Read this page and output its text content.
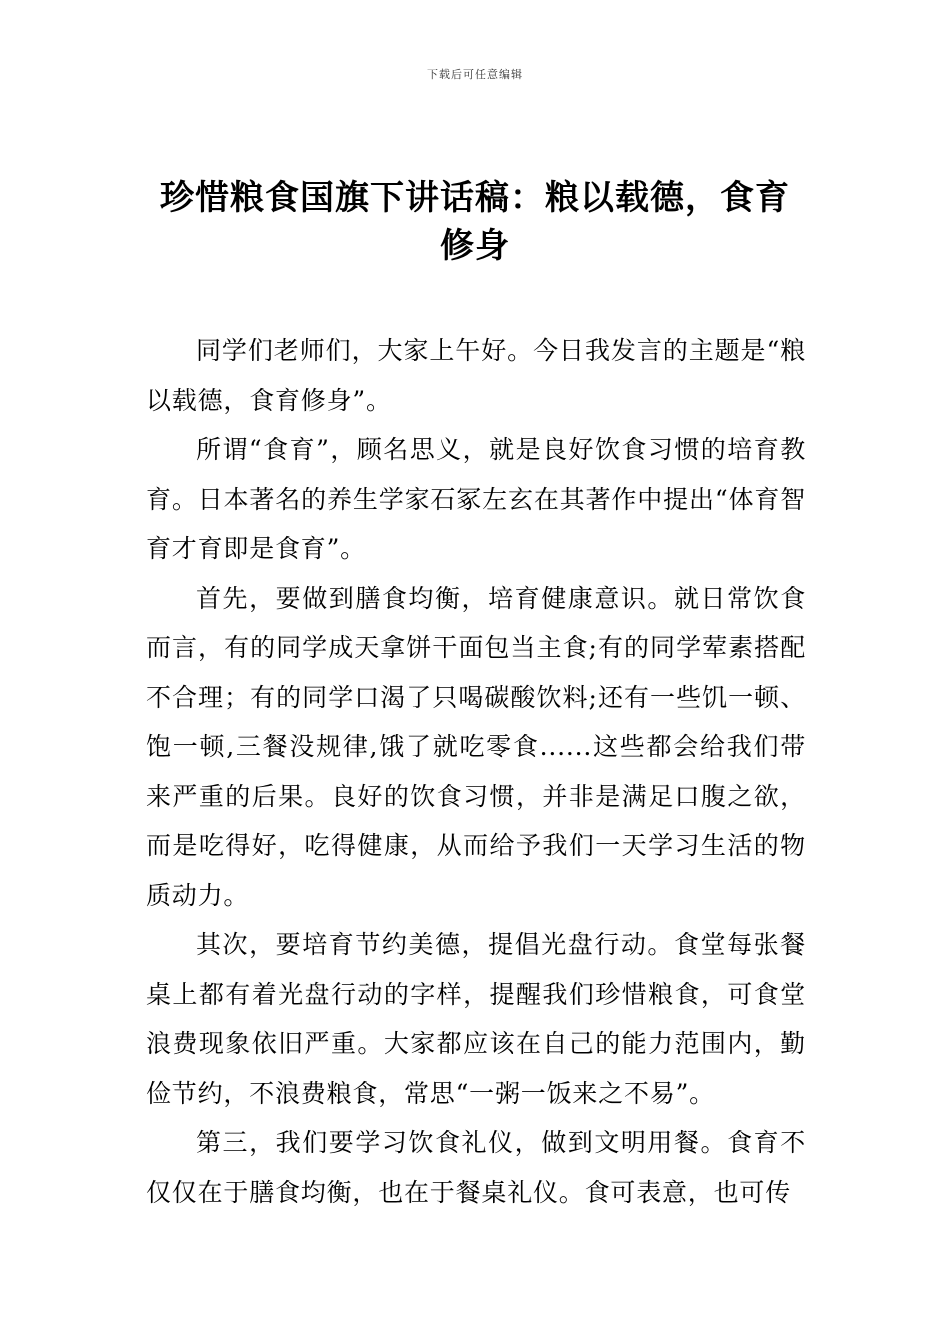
下载后可任意编辑
珍惜粮食国旗下讲话稿：粮以载德，食育修身

同学们老师们，大家上午好。今日我发言的主题是“粮以载德，食育修身”。

所谓“食育”，顾名思义，就是良好饮食习惯的培育教育。日本著名的养生学家石冢左玄在其著作中提出“体育智育才育即是食育”。

首先，要做到膳食均衡，培育健康意识。就日常饮食而言，有的同学成天拿饼干面包当主食;有的同学荤素搭配不合理；有的同学口渴了只喝碳酸饮料;还有一些饥一顿、饱一顿,三餐没规律,饿了就吃零食......这些都会给我们带来严重的后果。良好的饮食习惯，并非是满足口腹之欲，而是吃得好，吃得健康，从而给予我们一天学习生活的物质动力。

其次，要培育节约美德，提倡光盘行动。食堂每张餐桌上都有着光盘行动的字样，提醒我们珍惜粮食，可食堂浪费现象依旧严重。大家都应该在自己的能力范围内，勤俭节约，不浪费粮食，常思“一粥一饭来之不易”。

第三，我们要学习饮食礼仪，做到文明用餐。食育不仅仅在于膳食均衡，也在于餐桌礼仪。食可表意，也可传
